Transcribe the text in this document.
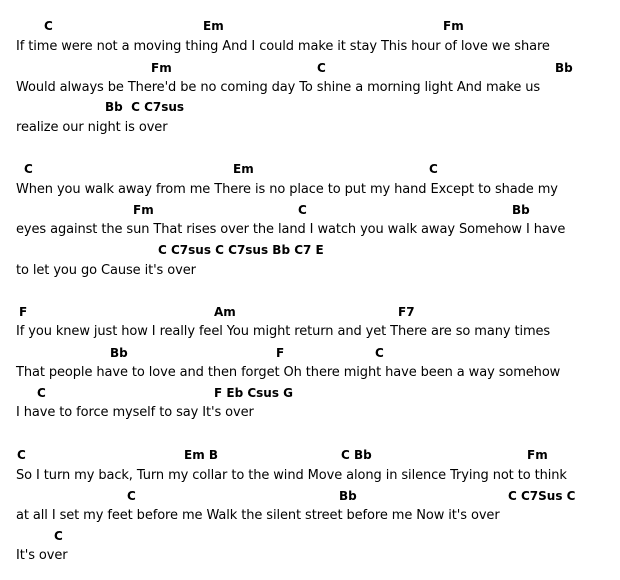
C	Em	Fm
If time were not a moving thing And I could make it stay This hour of love we share
Fm	C	Bb
Would always be There'd be no coming day To shine a morning light And make us
Bb  C C7sus
realize our night is over
C	Em	C
When you walk away from me There is no place to put my hand Except to shade my
Fm	C	Bb
eyes against the sun That rises over the land I watch you walk away Somehow I have
C C7sus C C7sus Bb C7 E
to let you go Cause it's over
F	Am	F7
If you knew just how I really feel You might return and yet There are so many times
Bb	F	C
That people have to love and then forget Oh there might have been a way somehow
C	F Eb Csus G
I have to force myself to say It's over
C	Em B	C Bb	Fm
So I turn my back, Turn my collar to the wind Move along in silence Trying not to think
C	Bb	C C7Sus C
at all I set my feet before me Walk the silent street before me Now it's over
C
It's over
